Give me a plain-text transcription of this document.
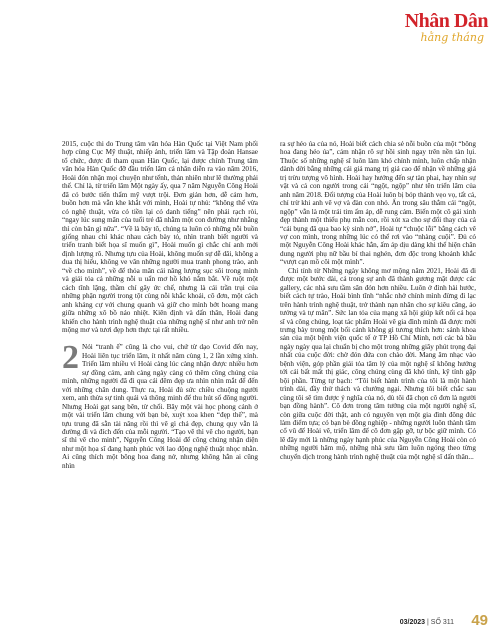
Nhân Dân
hằng tháng

2015, cuộc thi do Trung tâm văn hóa Hàn Quốc tại Việt Nam phối hợp cùng Cục Mỹ thuật, nhiếp ảnh, triển lãm và Tập đoàn Hansae tổ chức, được đi tham quan Hàn Quốc, lại được chính Trung tâm văn hóa Hàn Quốc đỡ đầu triển lãm cá nhân diễn ra vào năm 2016, Hoài đón nhận mọi chuyện như tếnh, thản nhiên như lẽ thường phải thế. Chỉ là, từ triển lãm Một ngày ấy, qua 7 năm Nguyễn Công Hoài đã có bước tiến thẩm mỹ vượt trội. Đơn giản hơn, dễ cảm hơn, buồn hơn mà vẫn khe khắt với mình, Hoài tự nhủ: “không thể vừa có nghệ thuật, vừa có tiền lại có danh tiếng” nên phải rạch ròi, “ngay lúc sung mãn của tuổi trẻ đã nhằm một con đường như nhằng thì còn băn gì nữa”. “Về là bây tô, chúng ta luôn có những nỗi buồn giống nhau chỉ khác nhau cách bày tỏ, nhìn tranh biết người và triển tranh biết họa sĩ muốn gì”, Hoài muốn gì chắc chỉ anh mới định lượng rõ. Nhưng tựu của Hoài, không muốn sự dễ dãi, không a dua thị hiếu, không ve vãn những người mua tranh phong trào, anh “về cho mình”, về để thỏa mãn cái năng lượng sục sôi trong mình và giải tỏa cả những nỗi u uẩn mơ hồ khó nắm bắt. Về ruột một cách tĩnh lặng, thầm chí gây ức chế, nhưng là cái trần trụi của những phận người trong tột cùng nỗi khắc khoải, cô đơn, một cách anh kháng cự với chung quanh và giữ cho mình bớt hoang mang giữa những xô bồ náo nhiệt. Kiên định và dấn thân, Hoài đang khiến cho hành trình nghệ thuật của những nghệ sĩ như anh trở nên mộng mơ và tươi đẹp hơn thực tại rất nhiều.

2 Nói “tranh ế” cũng là cho vui, chứ từ dạo Covid đến nay, Hoài liên tục triển lãm, ít nhất năm cùng 1, 2 lần xứng xính. Triển lãm nhiều vì Hoài càng lúc càng nhận được nhiều hơn sự đồng cảm, anh càng ngày càng có thêm công chúng của mình, những người đã đi qua cái đêm đẹp ưa nhìn nhìn mắt để đến với những chân dung. Thực ra, Hoài đủ sức chiều chuộng người xem, anh thừa sự tinh quái và thông minh để thu hút số đông người. Nhưng Hoài gạt sang bên, từ chối. Bây một vài học phong cảnh ở một vài triển lãm chung với bạn bè, xuýt xoa khen “đẹp thế”, mà tựu trung đã sẵn tài năng rồi thì vẽ gì chả đẹp, chung quy vẫn là đường đi và đích đến của mỗi người. “Tạo vẽ thì vẽ cho người, bạn sĩ thì vẽ cho mình”, Nguyễn Công Hoài để công chúng nhận diện như một họa sĩ đang hạnh phúc với lao động nghệ thuật nhọc nhằn. Ai cũng thích một bông hoa đang nở, nhưng không hẳn ai cũng nhìn

ra sự héo úa của nó, Hoài biết cách chia sẻ nỗi buồn của một “bông hoa đang héo úa”, cảm nhận rõ sự hồi sinh ngay trên nền tàn lụi. Thuộc số những nghệ sĩ luôn làm khó chính mình, luôn chấp nhận dành dời bằng những cái giá mang trị giá cao để nhận về những giá trị trừu tượng vô hình. Hoài hay hướng đến sự tàn phai, hay nhìn sự vật và cả con người trong cái “ngột, ngộp” như tên triển lãm của anh năm 2018. Đối tượng của Hoài luôn bị bóp thành vẹo vọ, tất cả, chỉ trừ khi anh vẽ vợ và đàn con nhỏ. Ấn trong sâu thẳm cái “ngột, ngộp” vẫn là một trái tim ấm áp, dễ rung cảm. Biến một cô gái xinh đẹp thành một thiếu phụ mẫn con, rồi xót xa cho sự đổi thay của cả “cái bụng đã qua bao kỳ sinh nở”, Hoài tự “chuộc lỗi” bằng cách vẽ vợ con mình, trong những lúc có thể rơi vào “nhàng cuội”. Đủ có một Nguyễn Công Hoài khác hẳn, ấm áp dịu dàng khi thể hiện chân dung người phụ nữ bầu bí thai nghén, đơn độc trong khoảnh khắc “vượt cạn mồ côi một mình”.

Chỉ tính từ Những ngày không mơ mộng năm 2021, Hoài đã đi được một bước dài, cả trong sự anh đã thành gương mặt được các gallery, các nhà sưu tầm săn đón hơn nhiều. Luôn ở đỉnh hài hước, biết cách tự trào, Hoài bình tĩnh “nhắc nhở chính mình đừng đi lạc trên hành trình nghệ thuật, trở thành nạn nhân cho sự kiêu căng, ảo tưởng và tự mãn”. Sức lan tỏa của mạng xã hội giúp kết nối cả họa sĩ và công chúng, loạt tác phẩm Hoài vẽ gia đình mình đã được mời trưng bày trong một bối cảnh không gì tương thích hơn: sảnh khoa sản của một bệnh viện quốc tế ở TP Hồ Chí Minh, nơi các bà bầu ngày ngày qua lại chuẩn bị cho một trong những giây phút trọng đại nhất của cuộc đời: chờ đón đứa con chào đời. Mang âm nhạc vào bệnh viện, góp phần giải tỏa tâm lý của một nghệ sĩ không hướng tới cái bất mất thị giác, công chúng cùng đã khó tính, kỹ tính gặp bội phần. Từng tự bạch: “Tôi biết hành trình của tôi là một hành trình dài, đầy thử thách và chướng ngại. Nhưng tôi biết chắc sau cùng tôi sẽ tìm được ý nghĩa của nó, dù tôi đã chọn cô đơn là người bạn đồng hành”. Cô đơn trong tâm tưởng của một người nghệ sĩ, còn giữa cuộc đời thật, anh có nguyên vẹn một gia đình đông đúc làm điểm tựa; có bạn bè đồng nghiệp - những người luôn thành tâm cổ vũ để Hoài vẽ, triển lãm để cô đơn gặp gỡ, tự bộc giữ mình. Có lẽ đây mới là những ngày hạnh phúc của Nguyễn Công Hoài còn có những người hâm mộ, những nhà sưu tầm luôn ngóng theo từng chuyển dịch trong hành trình nghệ thuật của một nghệ sĩ dấn thân...

03/2023 | SỐ 311 49
